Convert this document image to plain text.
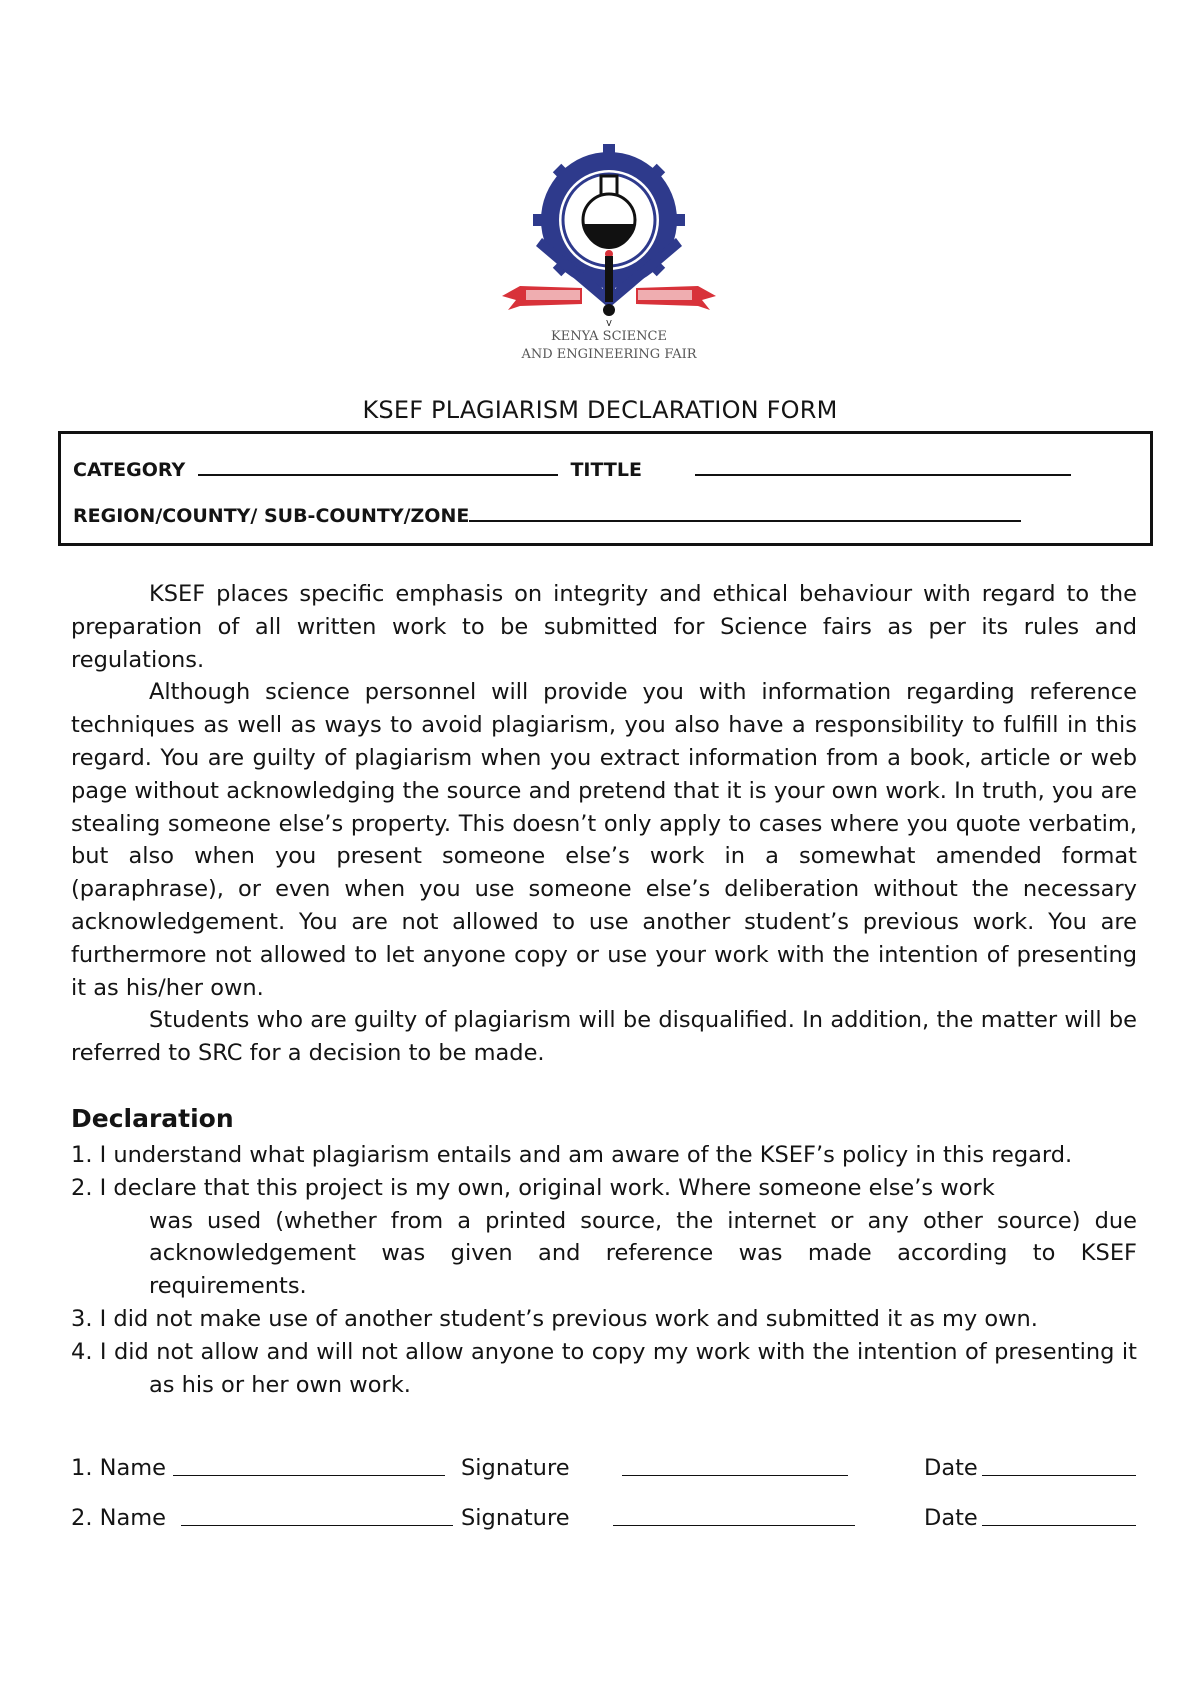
ᐯ
KENYA SCIENCE
AND ENGINEERING FAIR
KSEF PLAGIARISM DECLARATION FORM
CATEGORY	TITTLE
REGION/COUNTY/ SUB-COUNTY/ZONE

KSEF places specific emphasis on integrity and ethical behaviour with regard to the preparation of all written work to be submitted for Science fairs as per its rules and regulations.

Although science personnel will provide you with information regarding reference techniques as well as ways to avoid plagiarism, you also have a responsibility to fulfill in this regard. You are guilty of plagiarism when you extract information from a book, article or web page without acknowledging the source and pretend that it is your own work. In truth, you are stealing someone else’s property. This doesn’t only apply to cases where you quote verbatim, but also when you present someone else’s work in a somewhat amended format (paraphrase), or even when you use someone else’s deliberation without the necessary acknowledgement. You are not allowed to use another student’s previous work. You are furthermore not allowed to let anyone copy or use your work with the intention of presenting it as his/her own.

Students who are guilty of plagiarism will be disqualified. In addition, the matter will be referred to SRC for a decision to be made.

Declaration
1. I understand what plagiarism entails and am aware of the KSEF’s policy in this regard.
2. I declare that this project is my own, original work. Where someone else’s work
was used (whether from a printed source, the internet or any other source) due acknowledgement was given and reference was made according to KSEF requirements.
3. I did not make use of another student’s previous work and submitted it as my own.
4. I did not allow and will not allow anyone to copy my work with the intention of presenting it as his or her own work.
1. Name	Signature	Date
2. Name	Signature	Date
